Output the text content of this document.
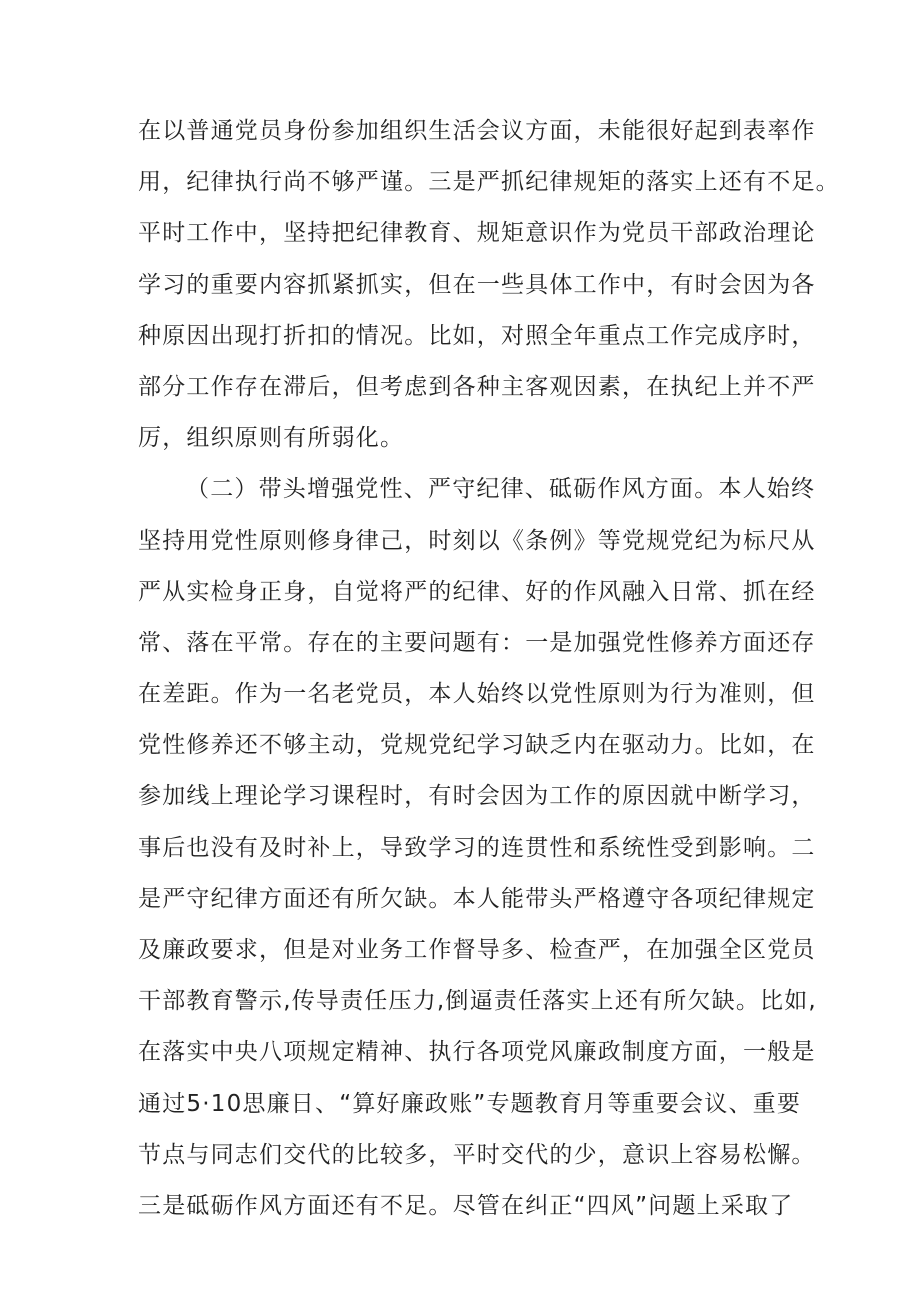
在以普通党员身份参加组织生活会议方面，未能很好起到表率作
用，纪律执行尚不够严谨。三是严抓纪律规矩的落实上还有不足。
平时工作中，坚持把纪律教育、规矩意识作为党员干部政治理论
学习的重要内容抓紧抓实，但在一些具体工作中，有时会因为各
种原因出现打折扣的情况。比如，对照全年重点工作完成序时，
部分工作存在滞后，但考虑到各种主客观因素，在执纪上并不严
厉，组织原则有所弱化。
（二）带头增强党性、严守纪律、砥砺作风方面。本人始终
坚持用党性原则修身律己，时刻以《条例》等党规党纪为标尺从
严从实检身正身，自觉将严的纪律、好的作风融入日常、抓在经
常、落在平常。存在的主要问题有：一是加强党性修养方面还存
在差距。作为一名老党员，本人始终以党性原则为行为准则，但
党性修养还不够主动，党规党纪学习缺乏内在驱动力。比如，在
参加线上理论学习课程时，有时会因为工作的原因就中断学习，
事后也没有及时补上，导致学习的连贯性和系统性受到影响。二
是严守纪律方面还有所欠缺。本人能带头严格遵守各项纪律规定
及廉政要求，但是对业务工作督导多、检查严，在加强全区党员
干部教育警示,传导责任压力,倒逼责任落实上还有所欠缺。比如,
在落实中央八项规定精神、执行各项党风廉政制度方面，一般是
通过5·10思廉日、“算好廉政账”专题教育月等重要会议、重要
节点与同志们交代的比较多，平时交代的少，意识上容易松懈。
三是砥砺作风方面还有不足。尽管在纠正“四风”问题上采取了
